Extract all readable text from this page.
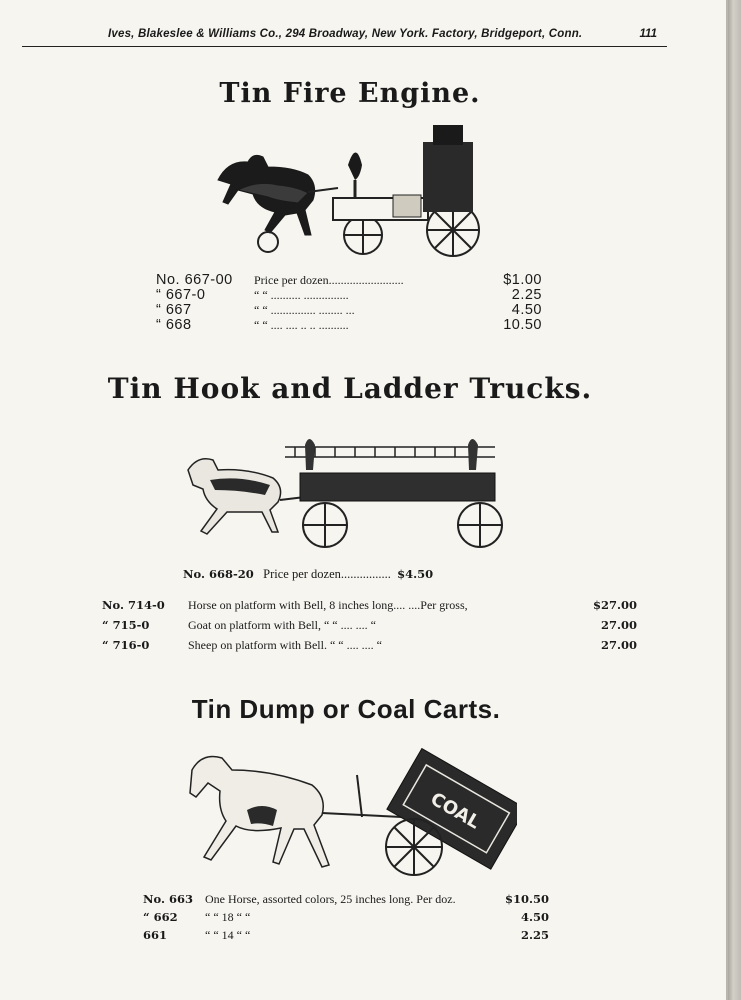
Ives, Blakeslee & Williams Co., 294 Broadway, New York. Factory, Bridgeport, Conn.	111
Tin Fire Engine.
No. 667-00	Price per dozen.........................	$1.00
“ 667-0	“ “ .......... ...............	2.25
“ 667	“ “ ............... ........ ...	4.50
“ 668	“ “ .... .... .. .. ..........	10.50
Tin Hook and Ladder Trucks.
No. 668-20 Price per dozen................ $4.50
No. 714-0	Horse on platform with Bell, 8 inches long.... ....Per gross,	$27.00
“ 715-0	Goat on platform with Bell, “ “ .... .... “	27.00
“ 716-0	Sheep on platform with Bell. “ “ .... .... “	27.00
Tin Dump or Coal Carts.
COAL
No. 663	One Horse, assorted colors, 25 inches long. Per doz.	$10.50
“ 662	“ “ 18 “ “	4.50
661	“ “ 14 “ “	2.25
